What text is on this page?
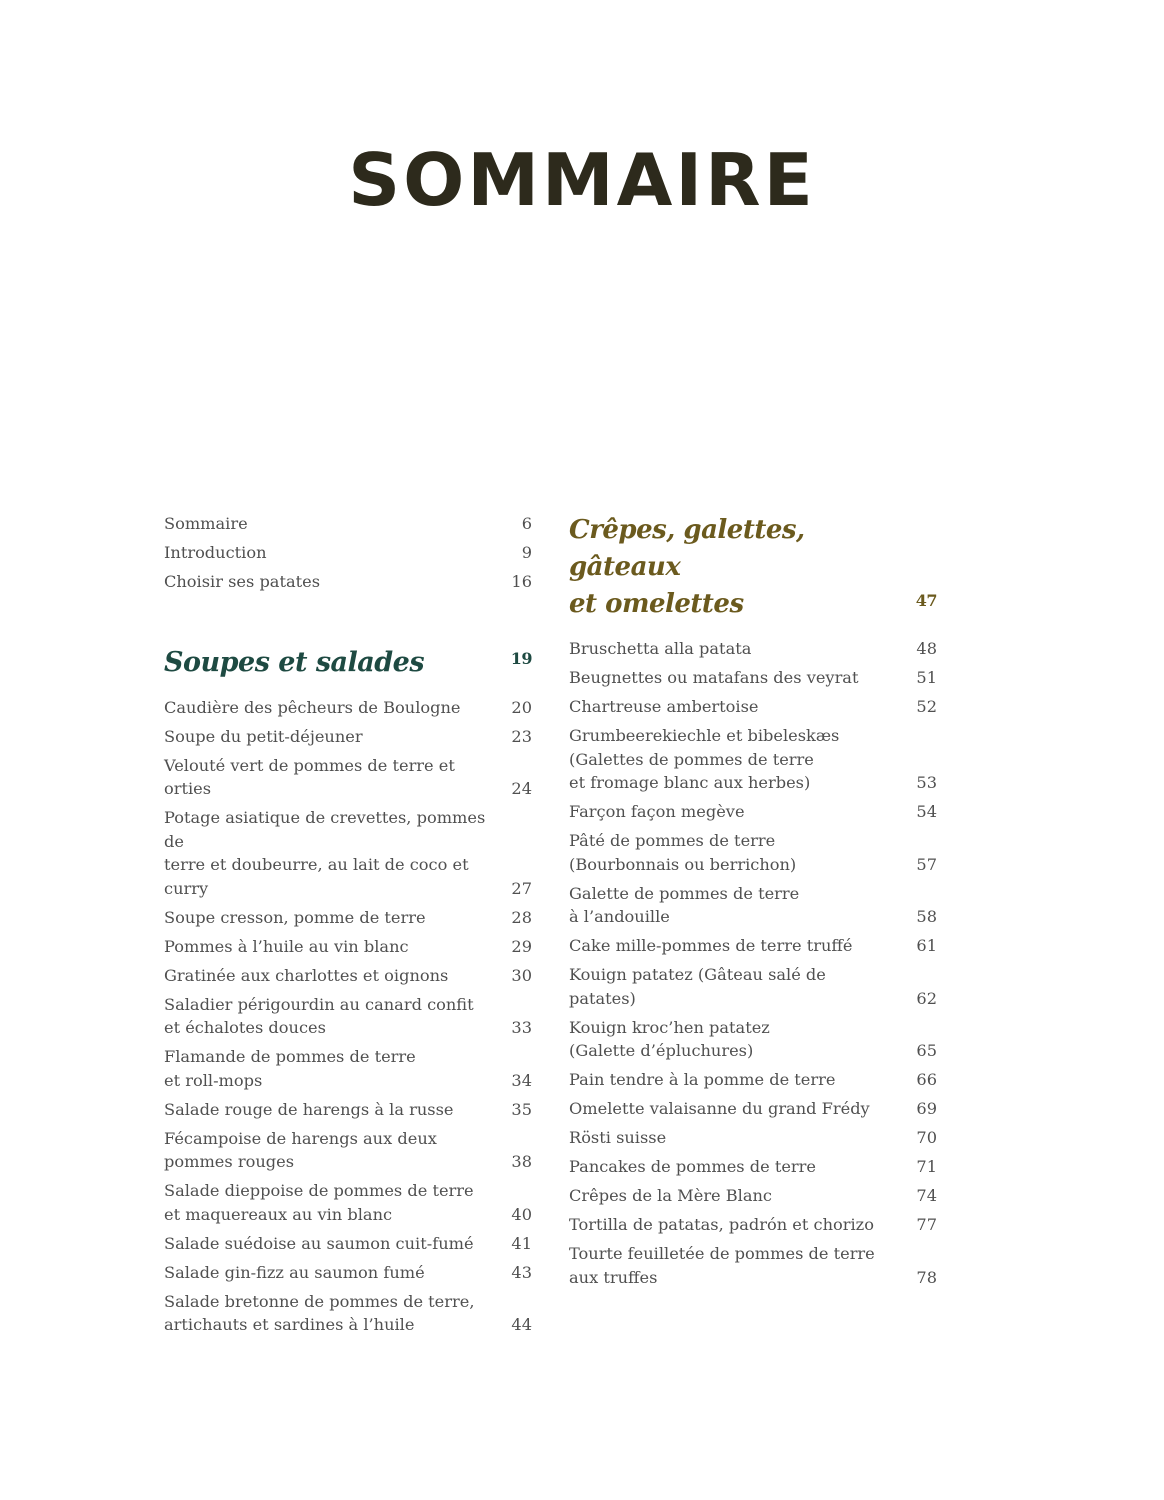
SOMMAIRE
Sommaire	6
Introduction	9
Choisir ses patates	16
Soupes et salades	19
Caudière des pêcheurs de Boulogne	20
Soupe du petit-déjeuner	23
Velouté vert de pommes de terre et orties	24
Potage asiatique de crevettes, pommes de
terre et doubeurre, au lait de coco et curry	27
Soupe cresson, pomme de terre	28
Pommes à l’huile au vin blanc	29
Gratinée aux charlottes et oignons	30
Saladier périgourdin au canard confit
et échalotes douces	33
Flamande de pommes de terre
et roll-mops	34
Salade rouge de harengs à la russe	35
Fécampoise de harengs aux deux
pommes rouges	38
Salade dieppoise de pommes de terre
et maquereaux au vin blanc	40
Salade suédoise au saumon cuit-fumé	41
Salade gin-fizz au saumon fumé	43
Salade bretonne de pommes de terre,
artichauts et sardines à l’huile	44
Crêpes, galettes, gâteaux
et omelettes	47
Bruschetta alla patata	48
Beugnettes ou matafans des veyrat	51
Chartreuse ambertoise	52
Grumbeerekiechle et bibeleskæs
(Galettes de pommes de terre
et fromage blanc aux herbes)	53
Farçon façon megève	54
Pâté de pommes de terre
(Bourbonnais ou berrichon)	57
Galette de pommes de terre
à l’andouille	58
Cake mille-pommes de terre truffé	61
Kouign patatez (Gâteau salé de patates)	62
Kouign kroc’hen patatez
(Galette d’épluchures)	65
Pain tendre à la pomme de terre	66
Omelette valaisanne du grand Frédy	69
Rösti suisse	70
Pancakes de pommes de terre	71
Crêpes de la Mère Blanc	74
Tortilla de patatas, padrón et chorizo	77
Tourte feuilletée de pommes de terre
aux truffes	78
